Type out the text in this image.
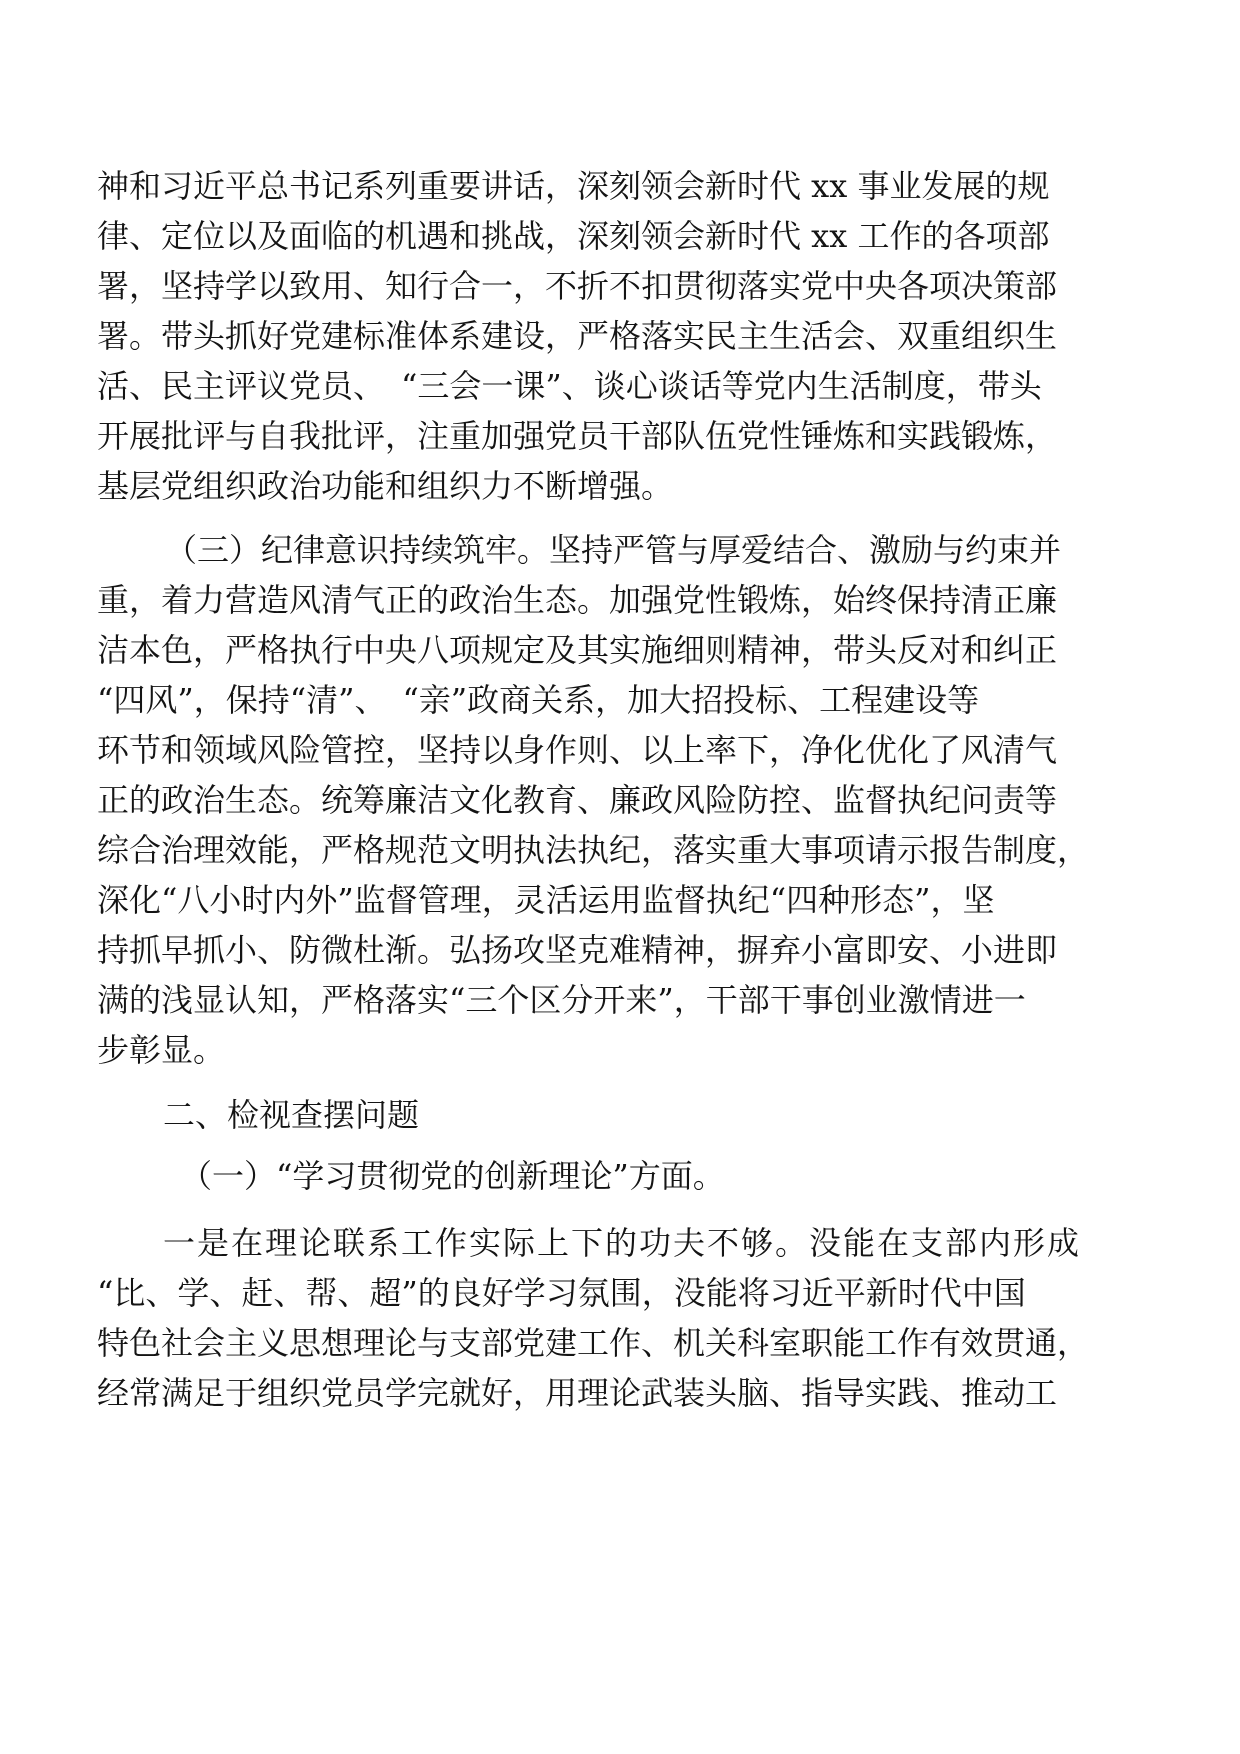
神和习近平总书记系列重要讲话，深刻领会新时代 xx 事业发展的规
律、定位以及面临的机遇和挑战，深刻领会新时代 xx 工作的各项部
署，坚持学以致用、知行合一，不折不扣贯彻落实党中央各项决策部
署。带头抓好党建标准体系建设，严格落实民主生活会、双重组织生
活、民主评议党员、　“三会一课”、谈心谈话等党内生活制度，带头
开展批评与自我批评，注重加强党员干部队伍党性锤炼和实践锻炼，
基层党组织政治功能和组织力不断增强。
（三）纪律意识持续筑牢。坚持严管与厚爱结合、激励与约束并
重，着力营造风清气正的政治生态。加强党性锻炼，始终保持清正廉
洁本色，严格执行中央八项规定及其实施细则精神，带头反对和纠正
“四风”，保持“清”、　“亲”政商关系，加大招投标、工程建设等
环节和领域风险管控，坚持以身作则、以上率下，净化优化了风清气
正的政治生态。统筹廉洁文化教育、廉政风险防控、监督执纪问责等
综合治理效能，严格规范文明执法执纪，落实重大事项请示报告制度，
深化“八小时内外”监督管理，灵活运用监督执纪“四种形态”，坚
持抓早抓小、防微杜渐。弘扬攻坚克难精神，摒弃小富即安、小进即
满的浅显认知，严格落实“三个区分开来”，干部干事创业激情进一
步彰显。
二、检视查摆问题
（一）“学习贯彻党的创新理论”方面。
一是在理论联系工作实际上下的功夫不够。没能在支部内形成
“比、学、赶、帮、超”的良好学习氛围，没能将习近平新时代中国
特色社会主义思想理论与支部党建工作、机关科室职能工作有效贯通，
经常满足于组织党员学完就好，用理论武装头脑、指导实践、推动工
